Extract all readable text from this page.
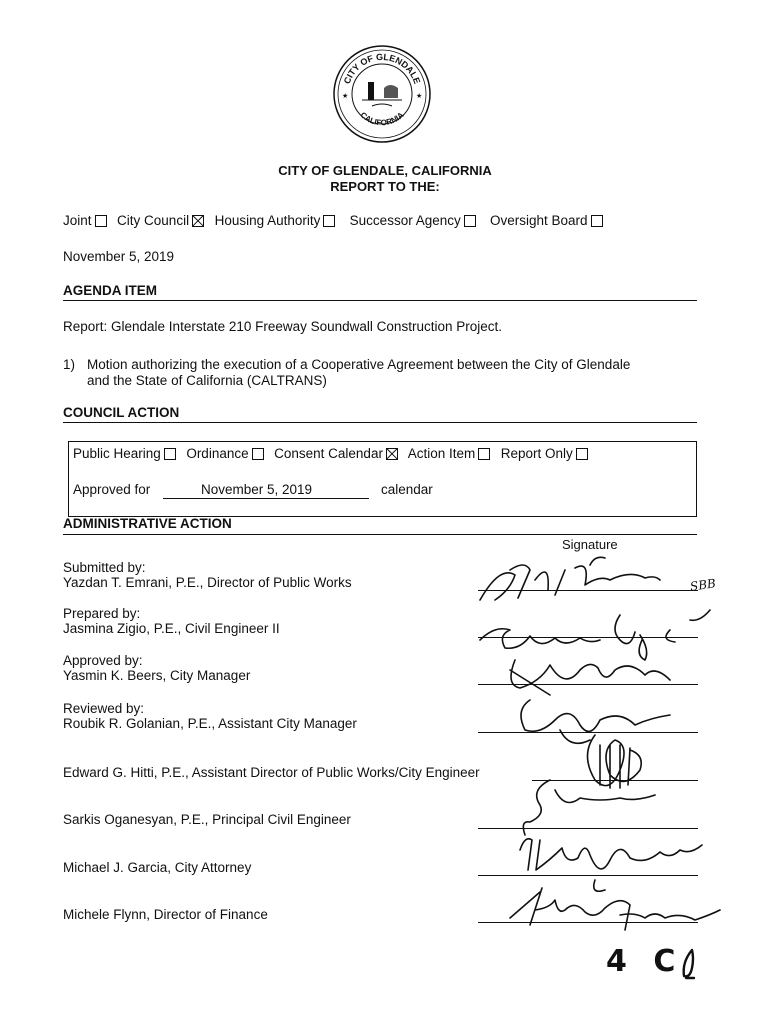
CITY OF GLENDALE
CALIFORNIA
★	★
CITY OF GLENDALE, CALIFORNIA
REPORT TO THE:
Joint City Council Housing Authority Successor Agency Oversight Board
November 5, 2019
AGENDA ITEM
Report: Glendale Interstate 210 Freeway Soundwall Construction Project.
1) Motion authorizing the execution of a Cooperative Agreement between the City of Glendale
and the State of California (CALTRANS)
COUNCIL ACTION
Public Hearing Ordinance Consent Calendar Action Item Report Only
Approved for	November 5, 2019	calendar
ADMINISTRATIVE ACTION
Signature
Submitted by:
Yazdan T. Emrani, P.E., Director of Public Works
Prepared by:
Jasmina Zigio, P.E., Civil Engineer II
Approved by:
Yasmin K. Beers, City Manager
Reviewed by:
Roubik R. Golanian, P.E., Assistant City Manager
Edward G. Hitti, P.E., Assistant Director of Public Works/City Engineer
Sarkis Oganesyan, P.E., Principal Civil Engineer
Michael J. Garcia, City Attorney
Michele Flynn, Director of Finance
SBB
4 C
